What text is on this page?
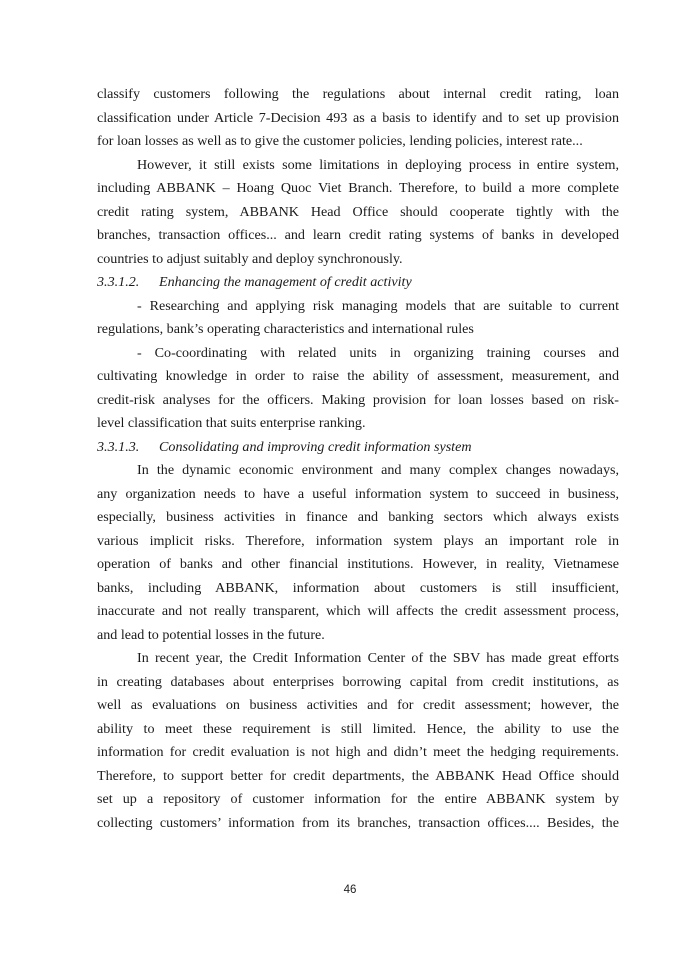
classify customers following the regulations about internal credit rating, loan
classification under Article 7-Decision 493 as a basis to identify and to set up provision
for loan losses as well as to give the customer policies, lending policies, interest rate...
However, it still exists some limitations in deploying process in entire system,
including ABBANK – Hoang Quoc Viet Branch. Therefore, to build a more complete
credit rating system, ABBANK Head Office should cooperate tightly with the
branches, transaction offices... and learn credit rating systems of banks in developed
countries to adjust suitably and deploy synchronously.
3.3.1.2. Enhancing the management of credit activity
- Researching and applying risk managing models that are suitable to current
regulations, bank’s operating characteristics and international rules
- Co-coordinating with related units in organizing training courses and
cultivating knowledge in order to raise the ability of assessment, measurement, and
credit-risk analyses for the officers. Making provision for loan losses based on risk-
level classification that suits enterprise ranking.
3.3.1.3. Consolidating and improving credit information system
In the dynamic economic environment and many complex changes nowadays,
any organization needs to have a useful information system to succeed in business,
especially, business activities in finance and banking sectors which always exists
various implicit risks. Therefore, information system plays an important role in
operation of banks and other financial institutions. However, in reality, Vietnamese
banks, including ABBANK, information about customers is still insufficient,
inaccurate and not really transparent, which will affects the credit assessment process,
and lead to potential losses in the future.
In recent year, the Credit Information Center of the SBV has made great efforts
in creating databases about enterprises borrowing capital from credit institutions, as
well as evaluations on business activities and for credit assessment; however, the
ability to meet these requirement is still limited. Hence, the ability to use the
information for credit evaluation is not high and didn’t meet the hedging requirements.
Therefore, to support better for credit departments, the ABBANK Head Office should
set up a repository of customer information for the entire ABBANK system by
collecting customers’ information from its branches, transaction offices.... Besides, the
46
